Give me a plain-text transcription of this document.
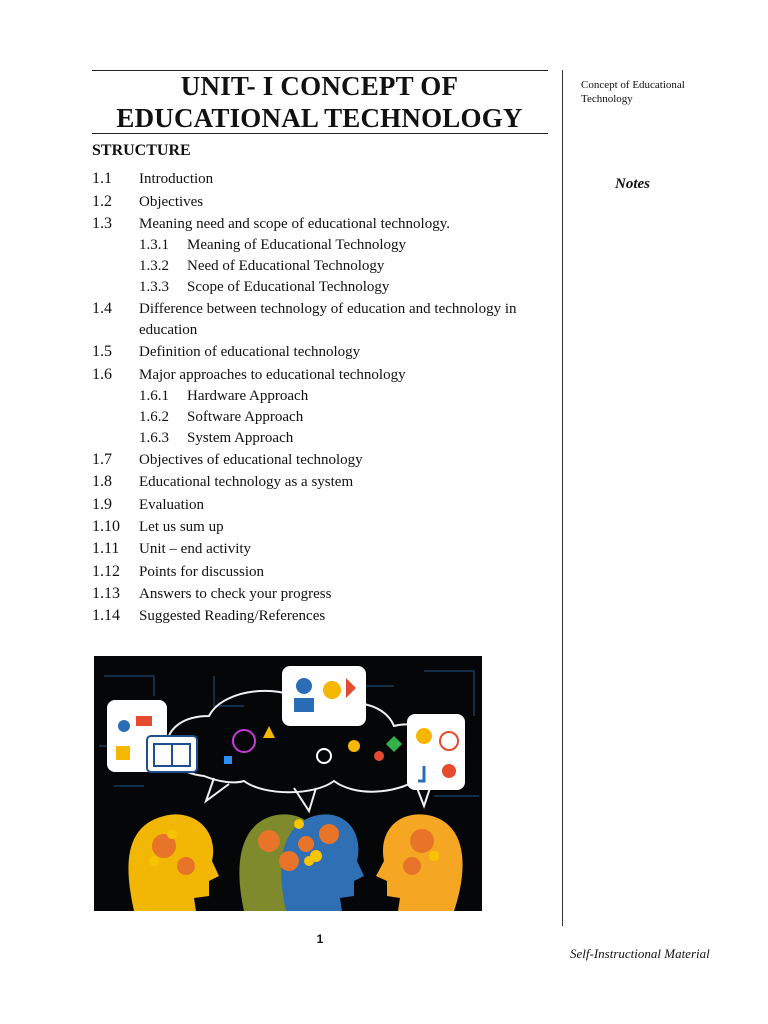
UNIT- I CONCEPT OF
EDUCATIONAL TECHNOLOGY
STRUCTURE
1.1	Introduction
1.2	Objectives
1.3	Meaning need and scope of educational technology.
1.3.1	Meaning of Educational Technology
1.3.2	Need of Educational Technology
1.3.3	Scope of Educational Technology
1.4	Difference between technology of education and technology in education
1.5	Definition of educational technology
1.6	Major approaches to educational technology
1.6.1	Hardware Approach
1.6.2	Software Approach
1.6.3	System Approach
1.7	Objectives of educational technology
1.8	Educational technology as a system
1.9	Evaluation
1.10	Let us sum up
1.11	Unit – end activity
1.12	Points for discussion
1.13	Answers to check your progress
1.14	Suggested Reading/References
Concept of Educational Technology
Notes
1
Self-Instructional Material
